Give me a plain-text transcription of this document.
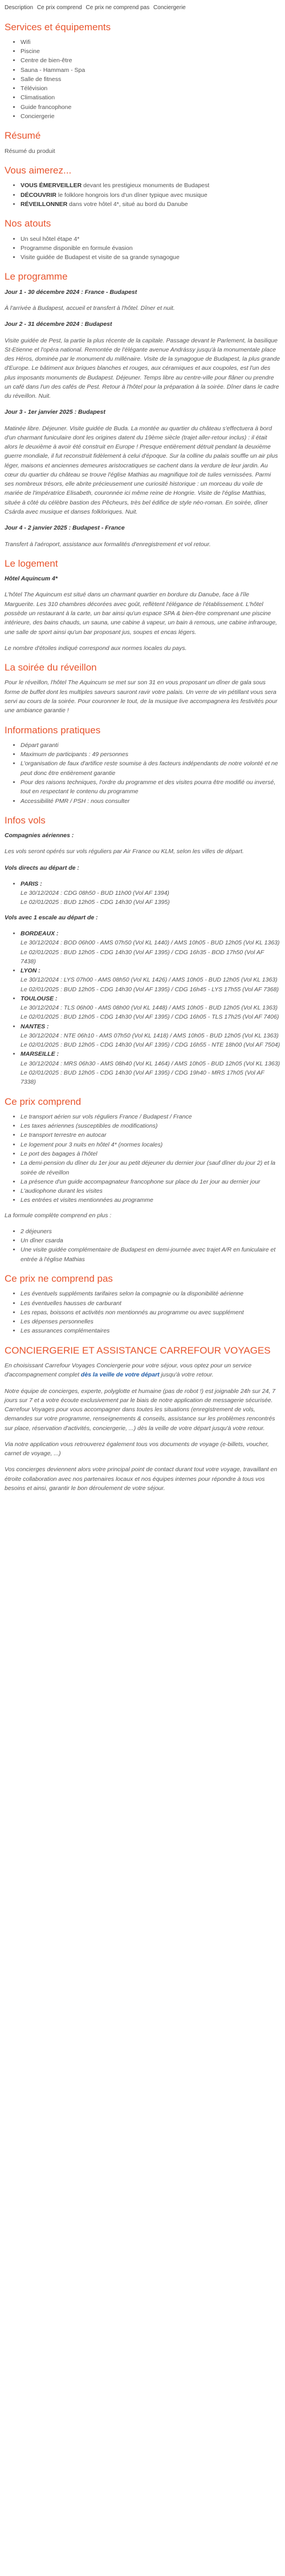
Description Ce prix comprend Ce prix ne comprend pas Conciergerie
Services et équipements
• Wifi
• Piscine
• Centre de bien-être
• Sauna - Hammam - Spa
• Salle de fitness
• Télévision
• Climatisation
• Guide francophone
• Conciergerie
Résumé

Résumé du produit

Vous aimerez...
• VOUS ÉMERVEILLER devant les prestigieux monuments de Budapest
• DÉCOUVRIR le folklore hongrois lors d'un dîner typique avec musique
• RÉVEILLONNER dans votre hôtel 4*, situé au bord du Danube
Nos atouts
• Un seul hôtel étape 4*
• Programme disponible en formule évasion
• Visite guidée de Budapest et visite de sa grande synagogue
Le programme

Jour 1 - 30 décembre 2024 : France - Budapest

À l'arrivée à Budapest, accueil et transfert à l'hôtel. Dîner et nuit.

Jour 2 - 31 décembre 2024 : Budapest

Visite guidée de Pest, la partie la plus récente de la capitale. Passage devant le Parlement, la basilique St-Etienne et l'opéra national. Remontée de l'élégante avenue Andrássy jusqu'à la monumentale place des Héros, dominée par le monument du millénaire. Visite de la synagogue de Budapest, la plus grande d'Europe. Le bâtiment aux briques blanches et rouges, aux céramiques et aux coupoles, est l'un des plus imposants monuments de Budapest. Déjeuner. Temps libre au centre-ville pour flâner ou prendre un café dans l'un des cafés de Pest. Retour à l'hôtel pour la préparation à la soirée. Dîner dans le cadre du réveillon. Nuit.

Jour 3 - 1er janvier 2025 : Budapest

Matinée libre. Déjeuner. Visite guidée de Buda. La montée au quartier du château s'effectuera à bord d'un charmant funiculaire dont les origines datent du 19ème siècle (trajet aller-retour inclus) : il était alors le deuxième à avoir été construit en Europe ! Presque entièrement détruit pendant la deuxième guerre mondiale, il fut reconstruit fidèlement à celui d'époque. Sur la colline du palais souffle un air plus léger, maisons et anciennes demeures aristocratiques se cachent dans la verdure de leur jardin. Au cœur du quartier du château se trouve l'église Mathias au magnifique toit de tuiles vernissées. Parmi ses nombreux trésors, elle abrite précieusement une curiosité historique : un morceau du voile de mariée de l'impératrice Elisabeth, couronnée ici même reine de Hongrie. Visite de l'église Matthias, située à côté du célèbre bastion des Pêcheurs, très bel édifice de style néo-roman. En soirée, dîner Csárda avec musique et danses folkloriques. Nuit.

Jour 4 - 2 janvier 2025 : Budapest - France

Transfert à l'aéroport, assistance aux formalités d'enregistrement et vol retour.

Le logement

Hôtel Aquincum 4*

L'hôtel The Aquincum est situé dans un charmant quartier en bordure du Danube, face à l'île Marguerite. Les 310 chambres décorées avec goût, reflètent l'élégance de l'établissement. L'hôtel possède un restaurant à la carte, un bar ainsi qu'un espace SPA & bien-être comprenant une piscine intérieure, des bains chauds, un sauna, une cabine à vapeur, un bain à remous, une cabine infrarouge, une salle de sport ainsi qu'un bar proposant jus, soupes et encas légers.

Le nombre d'étoiles indiqué correspond aux normes locales du pays.

La soirée du réveillon

Pour le réveillon, l'hôtel The Aquincum se met sur son 31 en vous proposant un dîner de gala sous forme de buffet dont les multiples saveurs sauront ravir votre palais. Un verre de vin pétillant vous sera servi au cours de la soirée. Pour couronner le tout, de la musique live accompagnera les festivités pour une ambiance garantie !

Informations pratiques
• Départ garanti
• Maximum de participants : 49 personnes
• L'organisation de faux d'artifice reste soumise à des facteurs indépendants de notre volonté et ne peut donc être entièrement garantie
• Pour des raisons techniques, l'ordre du programme et des visites pourra être modifié ou inversé, tout en respectant le contenu du programme
• Accessibilité PMR / PSH : nous consulter
Infos vols

Compagnies aériennes :

Les vols seront opérés sur vols réguliers par Air France ou KLM, selon les villes de départ.

Vols directs au départ de :

• PARIS :
Le 30/12/2024 : CDG 08h50 - BUD 11h00 (Vol AF 1394)
Le 02/01/2025 : BUD 12h05 - CDG 14h30 (Vol AF 1395)

Vols avec 1 escale au départ de :

• BORDEAUX :
Le 30/12/2024 : BOD 06h00 - AMS 07h50 (Vol KL 1440) / AMS 10h05 - BUD 12h05 (Vol KL 1363)
Le 02/01/2025 : BUD 12h05 - CDG 14h30 (Vol AF 1395) / CDG 16h35 - BOD 17h50 (Vol AF 7438)
• LYON :
Le 30/12/2024 : LYS 07h00 - AMS 08h50 (Vol KL 1426) / AMS 10h05 - BUD 12h05 (Vol KL 1363)
Le 02/01/2025 : BUD 12h05 - CDG 14h30 (Vol AF 1395) / CDG 16h45 - LYS 17h55 (Vol AF 7368)
• TOULOUSE :
Le 30/12/2024 : TLS 06h00 - AMS 08h00 (Vol KL 1448) / AMS 10h05 - BUD 12h05 (Vol KL 1363)
Le 02/01/2025 : BUD 12h05 - CDG 14h30 (Vol AF 1395) / CDG 16h05 - TLS 17h25 (Vol AF 7406)
• NANTES :
Le 30/12/2024 : NTE 06h10 - AMS 07h50 (Vol KL 1418) / AMS 10h05 - BUD 12h05 (Vol KL 1363)
Le 02/01/2025 : BUD 12h05 - CDG 14h30 (Vol AF 1395) / CDG 16h55 - NTE 18h00 (Vol AF 7504)
• MARSEILLE :
Le 30/12/2024 : MRS 06h30 - AMS 08h40 (Vol KL 1464) / AMS 10h05 - BUD 12h05 (Vol KL 1363)
Le 02/01/2025 : BUD 12h05 - CDG 14h30 (Vol AF 1395) / CDG 19h40 - MRS 17h05 (Vol AF 7338)
Ce prix comprend
• Le transport aérien sur vols réguliers France / Budapest / France
• Les taxes aériennes (susceptibles de modifications)
• Le transport terrestre en autocar
• Le logement pour 3 nuits en hôtel 4* (normes locales)
• Le port des bagages à l'hôtel
• La demi-pension du dîner du 1er jour au petit déjeuner du dernier jour (sauf dîner du jour 2) et la soirée de réveillon
• La présence d'un guide accompagnateur francophone sur place du 1er jour au dernier jour
• L'audiophone durant les visites
• Les entrées et visites mentionnées au programme

La formule complète comprend en plus :

• 2 déjeuners
• Un dîner csarda
• Une visite guidée complémentaire de Budapest en demi-journée avec trajet A/R en funiculaire et entrée à l'église Mathias
Ce prix ne comprend pas
• Les éventuels suppléments tarifaires selon la compagnie ou la disponibilité aérienne
• Les éventuelles hausses de carburant
• Les repas, boissons et activités non mentionnés au programme ou avec supplément
• Les dépenses personnelles
• Les assurances complémentaires
CONCIERGERIE ET ASSISTANCE CARREFOUR VOYAGES

En choisissant Carrefour Voyages Conciergerie pour votre séjour, vous optez pour un service d'accompagnement complet dès la veille de votre départ jusqu'à votre retour.

Notre équipe de concierges, experte, polyglotte et humaine (pas de robot !) est joignable 24h sur 24, 7 jours sur 7 et a votre écoute exclusivement par le biais de notre application de messagerie sécurisée. Carrefour Voyages pour vous accompagner dans toutes les situations (enregistrement de vols, demandes sur votre programme, renseignements & conseils, assistance sur les problèmes rencontrés sur place, réservation d'activités, conciergerie, ...) dès la veille de votre départ jusqu'à votre retour.

Via notre application vous retrouverez également tous vos documents de voyage (e-billets, voucher, carnet de voyage, ...)

Vos concierges deviennent alors votre principal point de contact durant tout votre voyage, travaillant en étroite collaboration avec nos partenaires locaux et nos équipes internes pour répondre à tous vos besoins et ainsi, garantir le bon déroulement de votre séjour.
